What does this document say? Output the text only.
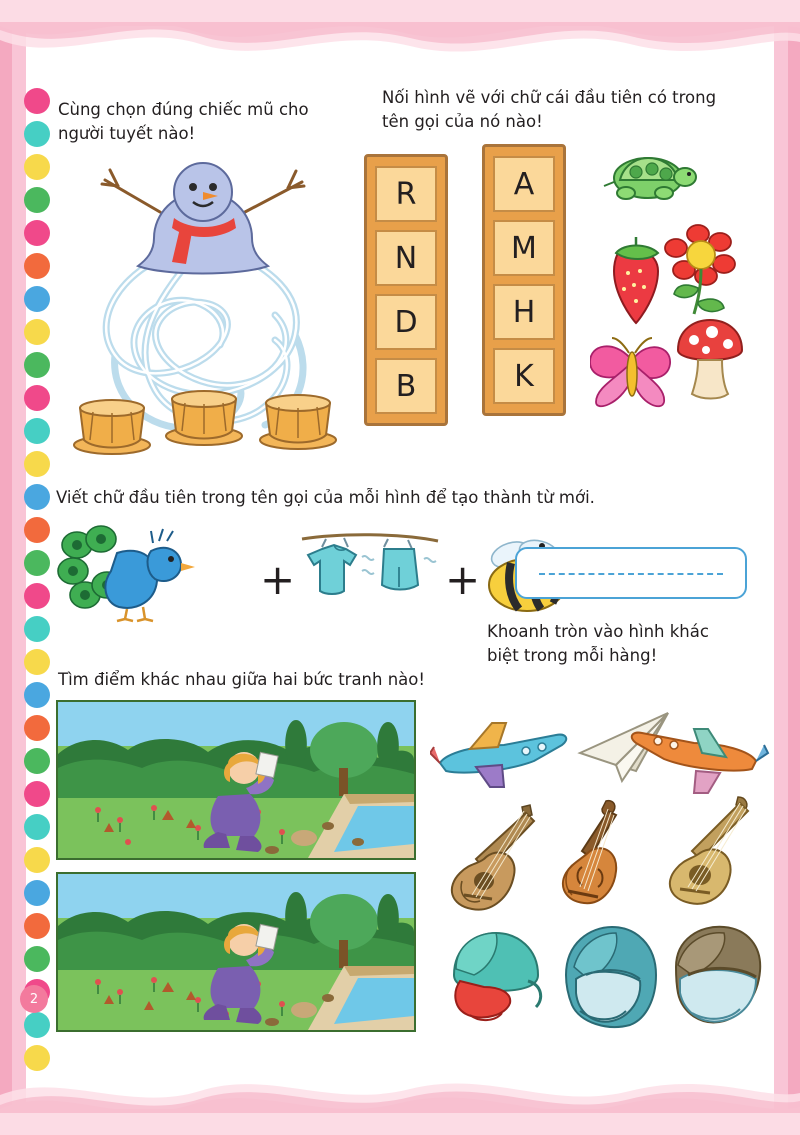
2
Cùng chọn đúng chiếc mũ cho người tuyết nào!
Nối hình vẽ với chữ cái đầu tiên có trong tên gọi của nó nào!
Viết chữ đầu tiên trong tên gọi của mỗi hình để tạo thành từ mới.
Khoanh tròn vào hình khác biệt trong mỗi hàng!
Tìm điểm khác nhau giữa hai bức tranh nào!
R
N
D
B
A
M
H
K
+	+
